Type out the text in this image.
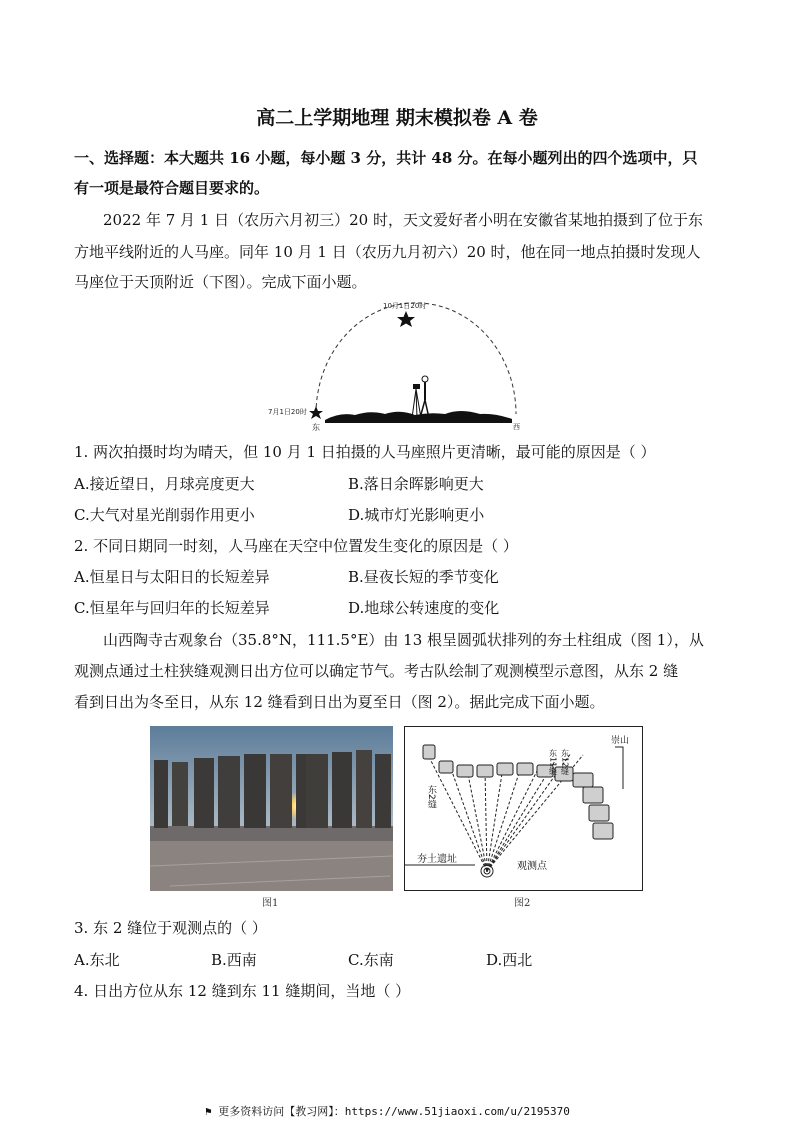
高二上学期地理 期末模拟卷 A 卷
一、选择题：本大题共 16 小题，每小题 3 分，共计 48 分。在每小题列出的四个选项中，只
有一项是最符合题目要求的。
2022 年 7 月 1 日（农历六月初三）20 时，天文爱好者小明在安徽省某地拍摄到了位于东
方地平线附近的人马座。同年 10 月 1 日（农历九月初六）20 时，他在同一地点拍摄时发现人
马座位于天顶附近（下图）。完成下面小题。
10月1日20时
7月1日20时
东	西
1. 两次拍摄时均为晴天，但 10 月 1 日拍摄的人马座照片更清晰，最可能的原因是（ ）
A.接近望日，月球亮度更大	B.落日余晖影响更大
C.大气对星光削弱作用更小	D.城市灯光影响更小
2. 不同日期同一时刻，人马座在天空中位置发生变化的原因是（ ）
A.恒星日与太阳日的长短差异	B.昼夜长短的季节变化
C.恒星年与回归年的长短差异	D.地球公转速度的变化
山西陶寺古观象台（35.8°N，111.5°E）由 13 根呈圆弧状排列的夯土柱组成（图 1），从
观测点通过土柱狭缝观测日出方位可以确定节气。考古队绘制了观测模型示意图，从东 2 缝
看到日出为冬至日，从东 12 缝看到日出为夏至日（图 2）。据此完成下面小题。
崇山
东2缝
东12缝
东11缝
夯土遗址
观测点
图1	图2
3. 东 2 缝位于观测点的（ ）
A.东北	B.西南	C.东南	D.西北
4. 日出方位从东 12 缝到东 11 缝期间，当地（ ）
⚑ 更多资料访问【教习网】：https://www.51jiaoxi.com/u/2195370
